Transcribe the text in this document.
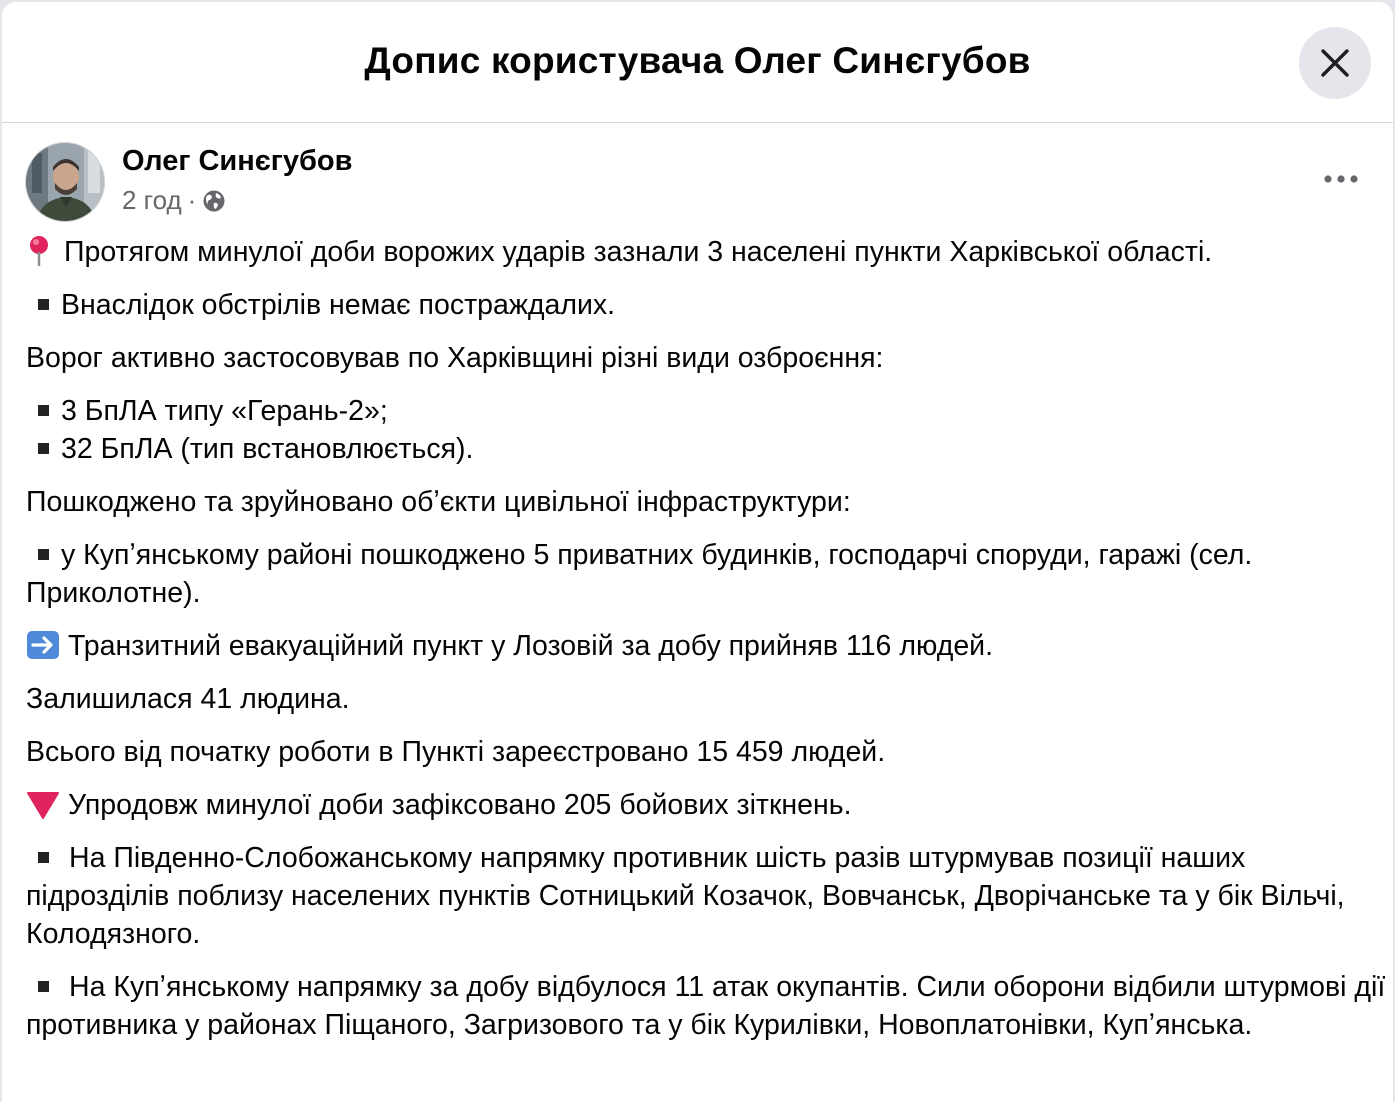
Допис користувача Олег Синєгубов
Олег Синєгубов
2 год ·

Протягом минулої доби ворожих ударів зазнали 3 населені пункти Харківської області.

Внаслідок обстрілів немає постраждалих.

Ворог активно застосовував по Харківщині різні види озброєння:

3 БпЛА типу «Герань-2»;
32 БпЛА (тип встановлюється).

Пошкоджено та зруйновано обʼєкти цивільної інфраструктури:

у Купʼянському районі пошкоджено 5 приватних будинків, господарчі споруди, гаражі (сел. Приколотне).

Транзитний евакуаційний пункт у Лозовій за добу прийняв 116 людей.

Залишилася 41 людина.

Всього від початку роботи в Пункті зареєстровано 15 459 людей.

Упродовж минулої доби зафіксовано 205 бойових зіткнень.

На Південно-Слобожанському напрямку противник шість разів штурмував позиції наших підрозділів поблизу населених пунктів Сотницький Козачок, Вовчанськ, Дворічанське та у бік Вільчі, Колодязного.

На Купʼянському напрямку за добу відбулося 11 атак окупантів. Сили оборони відбили штурмові дії противника у районах Піщаного, Загризового та у бік Курилівки, Новоплатонівки, Купʼянська.
